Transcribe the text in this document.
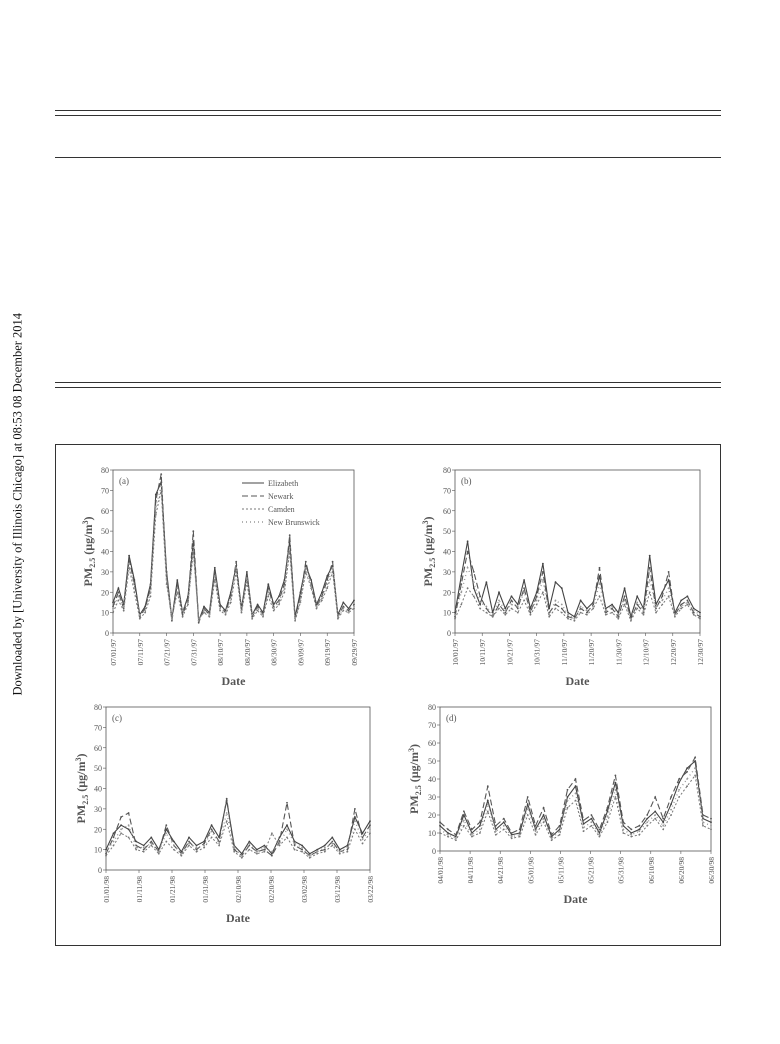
Downloaded by [University of Illinois Chicago] at 08:53 08 December 2014	0
10
20
30
40
50
60
70
80
07/01/97 07/11/97 07/21/97 07/31/97 08/10/97 08/20/97 08/30/97 09/09/97 09/19/97 09/29/97
(a)
Date
$PM_{2.5}$ $(\mu g/m^3)$
Elizabeth
Newark
Camden
New Brunswick
0
10
20
30
40
50
60
70
80
10/01/97 10/11/97 10/21/97 10/31/97 11/10/97 11/20/97 11/30/97 12/10/97 12/20/97 12/30/97
(b)
Date
$PM_{2.5}$ $(\mu g/m^3)$
0
10
20
30
40
50
60
70
80
01/01/98	01/11/98	01/21/98	01/31/98	02/10/98	02/20/98	03/02/98	03/12/98	03/22/98
(c)
Date
$PM_{2.5}$ $(\mu g/m^3)$
0
10
20
30
40
50
60
70
80
04/01/98	04/11/98	04/21/98	05/01/98	05/11/98	05/21/98	05/31/98	06/10/98	06/20/98	06/30/98
(d)
Date
$PM_{2.5}$ $(\mu g/m^3)$
